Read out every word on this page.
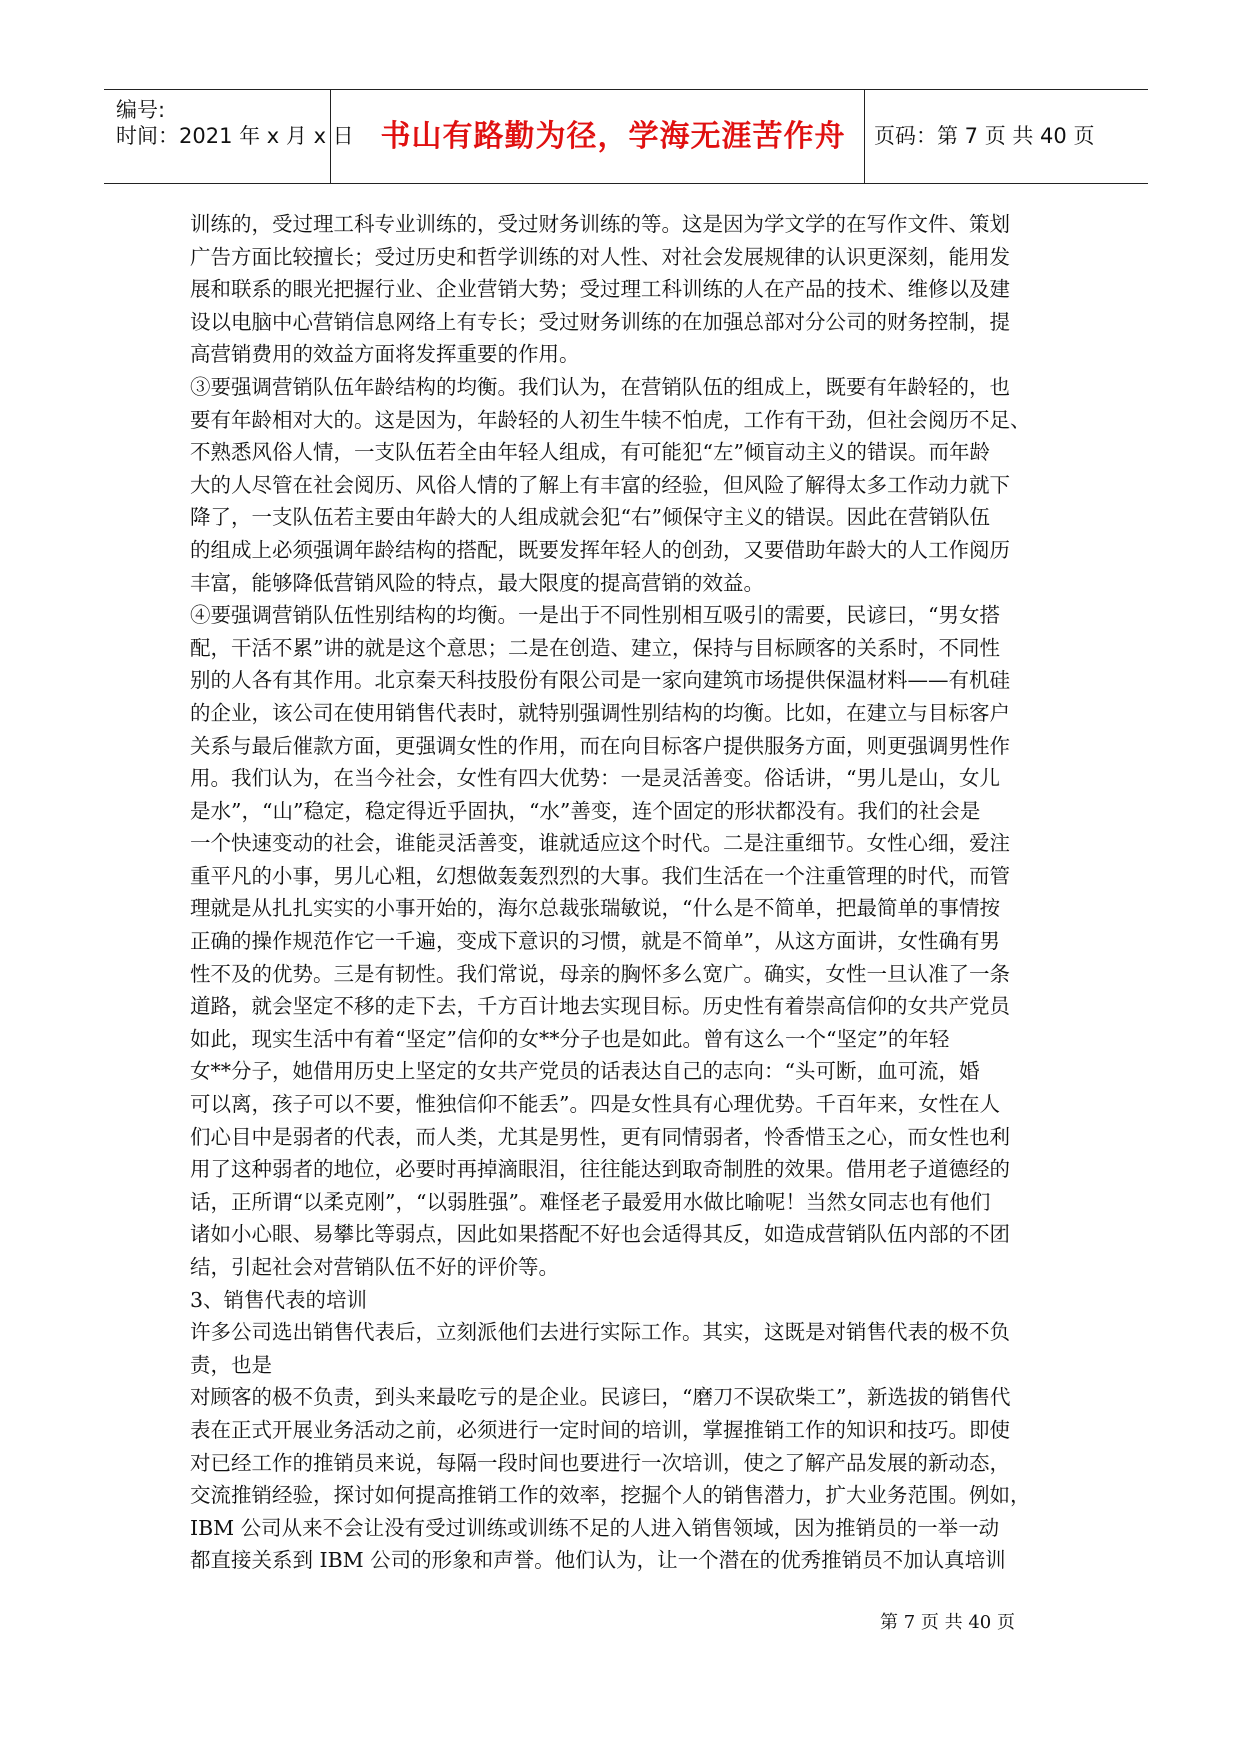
编号:
时间：2021 年 x 月 x 日 书山有路勤为径，学海无涯苦作舟	页码：第 7 页 共 40 页
训练的，受过理工科专业训练的，受过财务训练的等。这是因为学文学的在写作文件、策划
广告方面比较擅长；受过历史和哲学训练的对人性、对社会发展规律的认识更深刻，能用发
展和联系的眼光把握行业、企业营销大势；受过理工科训练的人在产品的技术、维修以及建
设以电脑中心营销信息网络上有专长；受过财务训练的在加强总部对分公司的财务控制，提
高营销费用的效益方面将发挥重要的作用。
③要强调营销队伍年龄结构的均衡。我们认为，在营销队伍的组成上，既要有年龄轻的，也
要有年龄相对大的。这是因为，年龄轻的人初生牛犊不怕虎，工作有干劲，但社会阅历不足、
不熟悉风俗人情，一支队伍若全由年轻人组成，有可能犯“左”倾盲动主义的错误。而年龄
大的人尽管在社会阅历、风俗人情的了解上有丰富的经验，但风险了解得太多工作动力就下
降了，一支队伍若主要由年龄大的人组成就会犯“右”倾保守主义的错误。因此在营销队伍
的组成上必须强调年龄结构的搭配，既要发挥年轻人的创劲，又要借助年龄大的人工作阅历
丰富，能够降低营销风险的特点，最大限度的提高营销的效益。
④要强调营销队伍性别结构的均衡。一是出于不同性别相互吸引的需要，民谚曰，“男女搭
配，干活不累”讲的就是这个意思；二是在创造、建立，保持与目标顾客的关系时，不同性
别的人各有其作用。北京秦天科技股份有限公司是一家向建筑市场提供保温材料——有机硅
的企业，该公司在使用销售代表时，就特别强调性别结构的均衡。比如，在建立与目标客户
关系与最后催款方面，更强调女性的作用，而在向目标客户提供服务方面，则更强调男性作
用。我们认为，在当今社会，女性有四大优势：一是灵活善变。俗话讲，“男儿是山，女儿
是水”，“山”稳定，稳定得近乎固执，“水”善变，连个固定的形状都没有。我们的社会是
一个快速变动的社会，谁能灵活善变，谁就适应这个时代。二是注重细节。女性心细，爱注
重平凡的小事，男儿心粗，幻想做轰轰烈烈的大事。我们生活在一个注重管理的时代，而管
理就是从扎扎实实的小事开始的，海尔总裁张瑞敏说，“什么是不简单，把最简单的事情按
正确的操作规范作它一千遍，变成下意识的习惯，就是不简单”，从这方面讲，女性确有男
性不及的优势。三是有韧性。我们常说，母亲的胸怀多么宽广。确实，女性一旦认准了一条
道路，就会坚定不移的走下去，千方百计地去实现目标。历史性有着崇高信仰的女共产党员
如此，现实生活中有着“坚定”信仰的女**分子也是如此。曾有这么一个“坚定”的年轻
女**分子，她借用历史上坚定的女共产党员的话表达自己的志向：“头可断，血可流，婚
可以离，孩子可以不要，惟独信仰不能丢”。四是女性具有心理优势。千百年来，女性在人
们心目中是弱者的代表，而人类，尤其是男性，更有同情弱者，怜香惜玉之心，而女性也利
用了这种弱者的地位，必要时再掉滴眼泪，往往能达到取奇制胜的效果。借用老子道德经的
话，正所谓“以柔克刚”，“以弱胜强”。难怪老子最爱用水做比喻呢！当然女同志也有他们
诸如小心眼、易攀比等弱点，因此如果搭配不好也会适得其反，如造成营销队伍内部的不团
结，引起社会对营销队伍不好的评价等。
3、销售代表的培训
许多公司选出销售代表后，立刻派他们去进行实际工作。其实，这既是对销售代表的极不负
责，也是
对顾客的极不负责，到头来最吃亏的是企业。民谚曰，“磨刀不误砍柴工”，新选拔的销售代
表在正式开展业务活动之前，必须进行一定时间的培训，掌握推销工作的知识和技巧。即使
对已经工作的推销员来说，每隔一段时间也要进行一次培训，使之了解产品发展的新动态，
交流推销经验，探讨如何提高推销工作的效率，挖掘个人的销售潜力，扩大业务范围。例如，
IBM 公司从来不会让没有受过训练或训练不足的人进入销售领域，因为推销员的一举一动
都直接关系到 IBM 公司的形象和声誉。他们认为，让一个潜在的优秀推销员不加认真培训
第 7 页 共 40 页
